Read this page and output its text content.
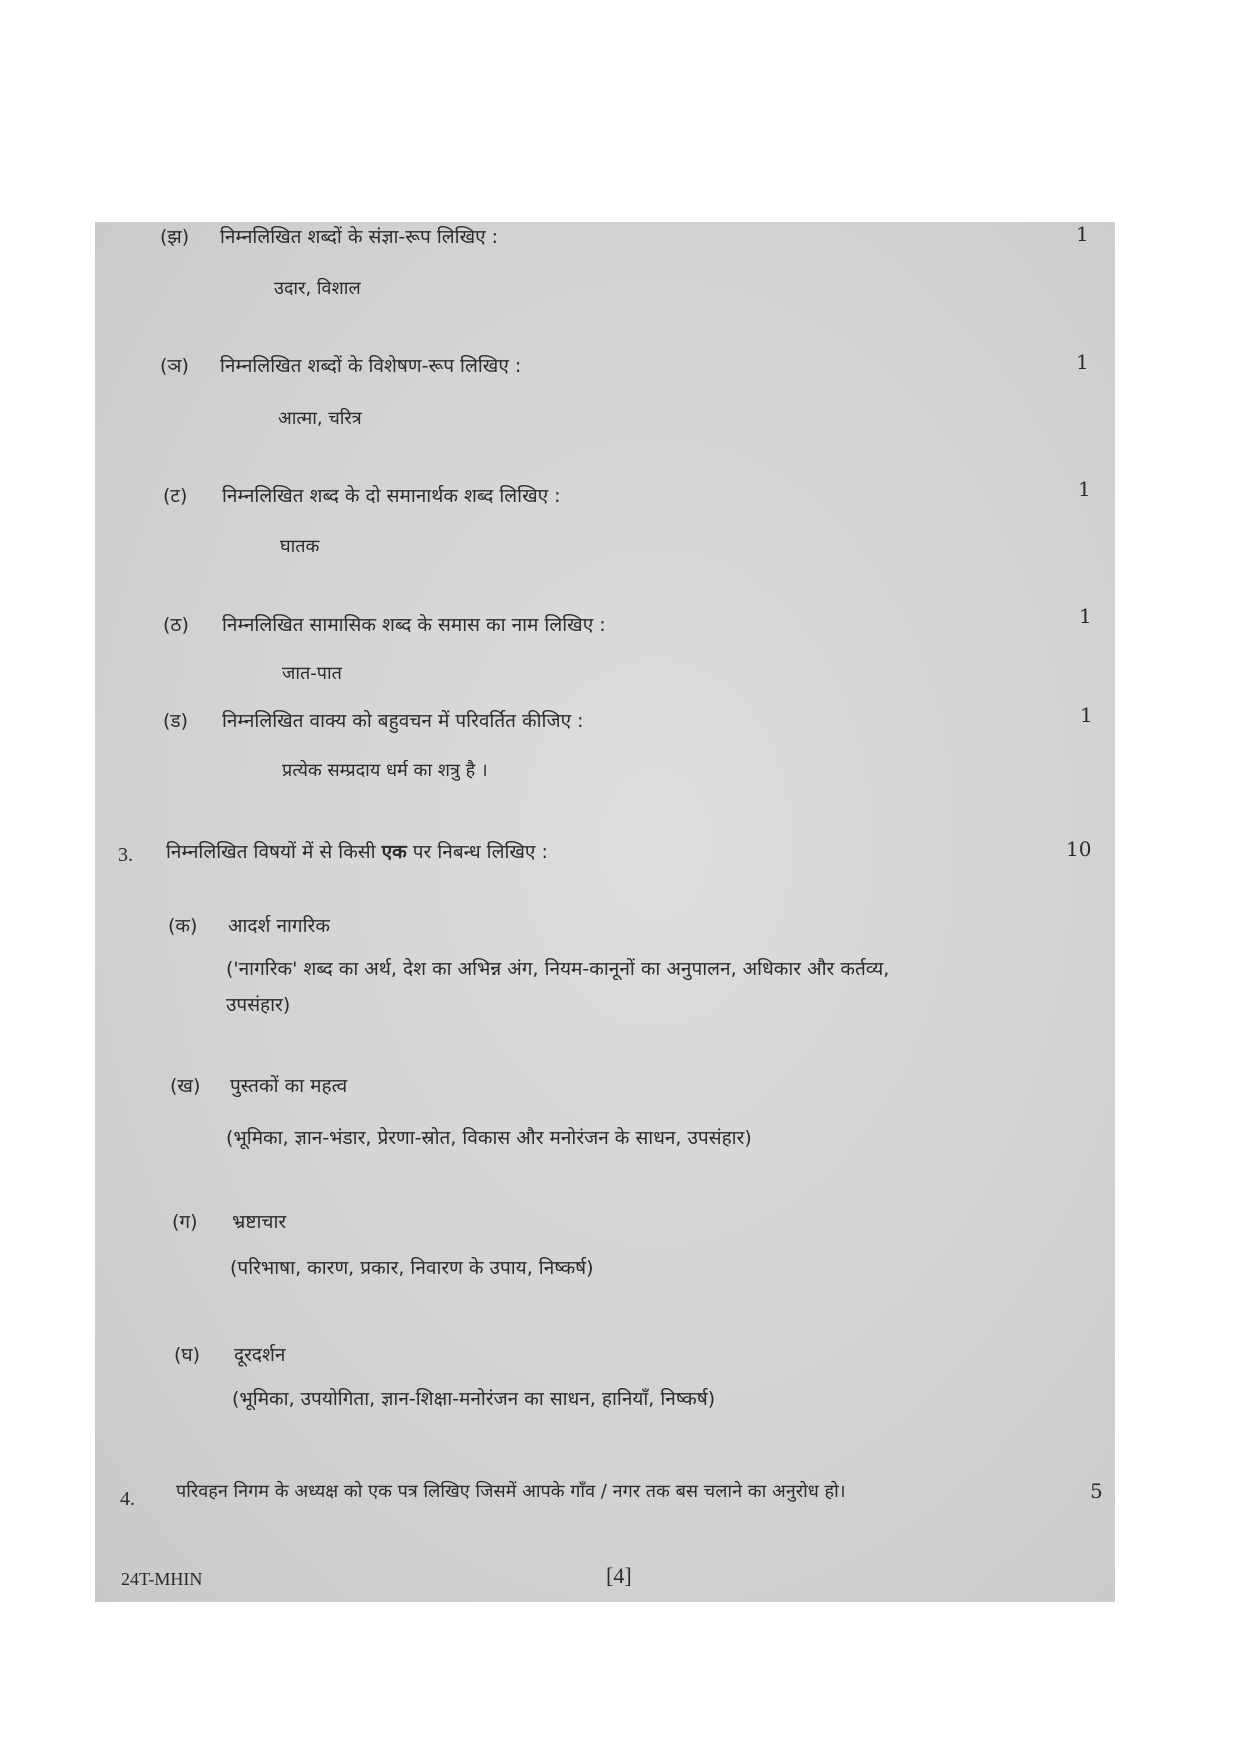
(झ) निम्नलिखित शब्दों के संज्ञा-रूप लिखिए :	1
उदार, विशाल
(ञ) निम्नलिखित शब्दों के विशेषण-रूप लिखिए :	1
आत्मा, चरित्र
(ट) निम्नलिखित शब्द के दो समानार्थक शब्द लिखिए :	1
घातक
(ठ) निम्नलिखित सामासिक शब्द के समास का नाम लिखिए :	1
जात-पात
(ड) निम्नलिखित वाक्य को बहुवचन में परिवर्तित कीजिए :	1
प्रत्येक सम्प्रदाय धर्म का शत्रु है ।
3. निम्नलिखित विषयों में से किसी एक पर निबन्ध लिखिए :	10
(क) आदर्श नागरिक
('नागरिक' शब्द का अर्थ, देश का अभिन्न अंग, नियम-कानूनों का अनुपालन, अधिकार और कर्तव्य,
उपसंहार)
(ख) पुस्तकों का महत्व
(भूमिका, ज्ञान-भंडार, प्रेरणा-स्रोत, विकास और मनोरंजन के साधन, उपसंहार)
(ग) भ्रष्टाचार
(परिभाषा, कारण, प्रकार, निवारण के उपाय, निष्कर्ष)
(घ) दूरदर्शन
(भूमिका, उपयोगिता, ज्ञान-शिक्षा-मनोरंजन का साधन, हानियाँ, निष्कर्ष)
4. परिवहन निगम के अध्यक्ष को एक पत्र लिखिए जिसमें आपके गाँव / नगर तक बस चलाने का अनुरोध हो।	5
24T-MHIN	[4]
